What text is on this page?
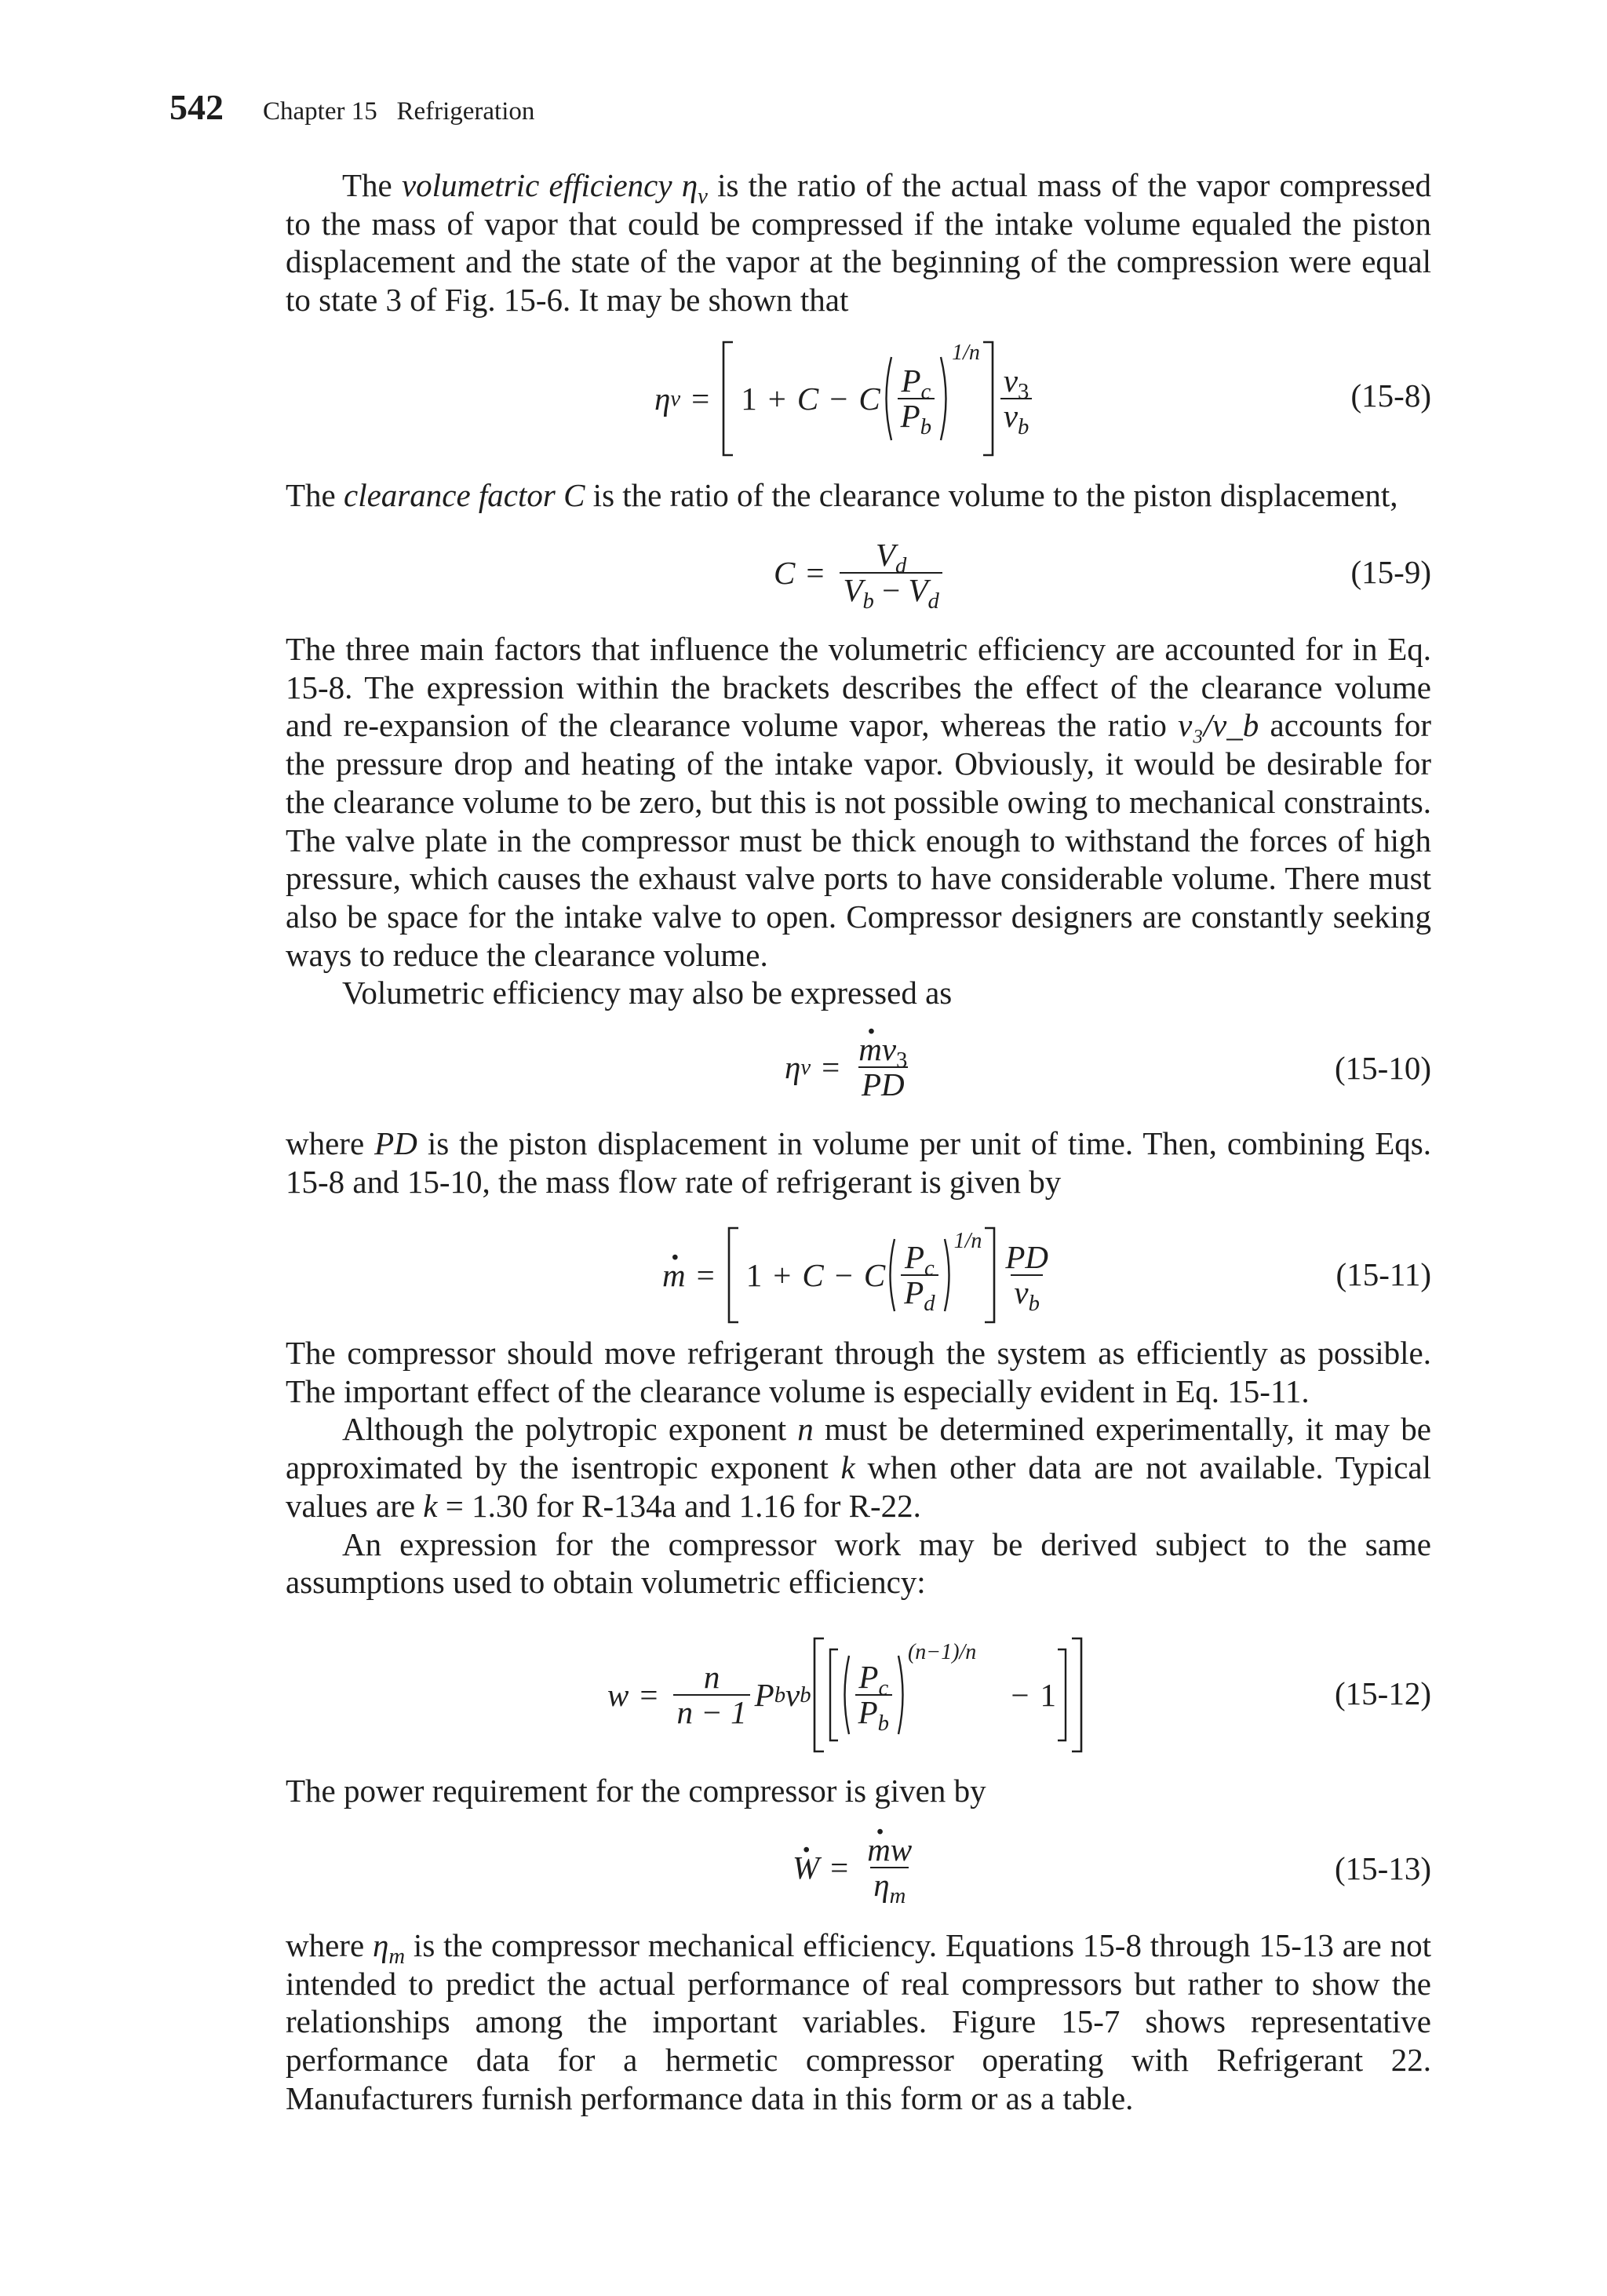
542 Chapter 15 Refrigeration

The volumetric efficiency $\eta_v$ is the ratio of the actual mass of the vapor compressed to the mass of vapor that could be compressed if the intake volume equaled the piston displacement and the state of the vapor at the beginning of the compression were equal to state 3 of Fig. 15-6. It may be shown that

η v = 1 + C − C $\frac{P_c}{P_b}$
1/n
$\frac{v_3}{v_b}$	(15-8)

The clearance factor C is the ratio of the clearance volume to the piston displacement,

$C = \frac{V_d}{V_b - V_d}$	(15-9)

The three main factors that influence the volumetric efficiency are accounted for in Eq. 15-8. The expression within the brackets describes the effect of the clearance volume and re-expansion of the clearance volume vapor, whereas the ratio v₃/v_b accounts for the pressure drop and heating of the intake vapor. Obviously, it would be desirable for the clearance volume to be zero, but this is not possible owing to mechanical constraints. The valve plate in the compressor must be thick enough to withstand the forces of high pressure, which causes the exhaust valve ports to have considerable volume. There must also be space for the intake valve to open. Compressor designers are constantly seeking ways to reduce the clearance volume.

Volumetric efficiency may also be expressed as

η $v = \frac{m \cdot v_3}{PD}$	(15-10)

where PD is the piston displacement in volume per unit of time. Then, combining Eqs. 15-8 and 15-10, the mass flow rate of refrigerant is given by

m · = 1 + C − C $\frac{P_c}{P_d} 1/n \frac{PD}{v_b}$	(15-11)

The compressor should move refrigerant through the system as efficiently as possible. The important effect of the clearance volume is especially evident in Eq. 15-11.

Although the polytropic exponent n must be determined experimentally, it may be approximated by the isentropic exponent k when other data are not available. Typical values are k = 1.30 for R-134a and 1.16 for R-22.

An expression for the compressor work may be derived subject to the same assumptions used to obtain volumetric efficiency:

$w = \frac{n}{n - 1}$ P b v b $\frac{P_c}{P_b}$
(n−1)/n
− 1	(15-12)

The power requirement for the compressor is given by

W · = $\frac{m \cdot w}{\eta_m}$	(15-13)

where $\eta_m$ is the compressor mechanical efficiency. Equations 15-8 through 15-13 are not intended to predict the actual performance of real compressors but rather to show the relationships among the important variables. Figure 15-7 shows representative performance data for a hermetic compressor operating with Refrigerant 22. Manufacturers furnish performance data in this form or as a table.
